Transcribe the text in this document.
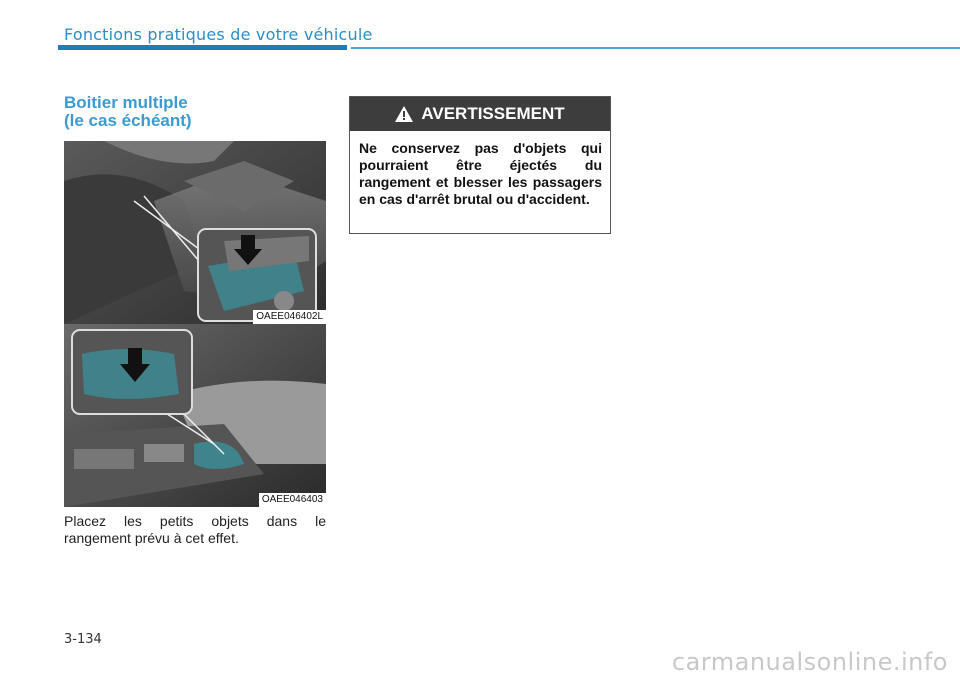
Fonctions pratiques de votre véhicule
Boitier multiple
(le cas échéant)
OAEE046402L
OAEE046403
Placez les petits objets dans le rangement prévu à cet effet.
AVERTISSEMENT
Ne conservez pas d'objets qui pourraient être éjectés du rangement et blesser les passagers en cas d'arrêt brutal ou d'accident.
3-134
carmanualsonline.info
